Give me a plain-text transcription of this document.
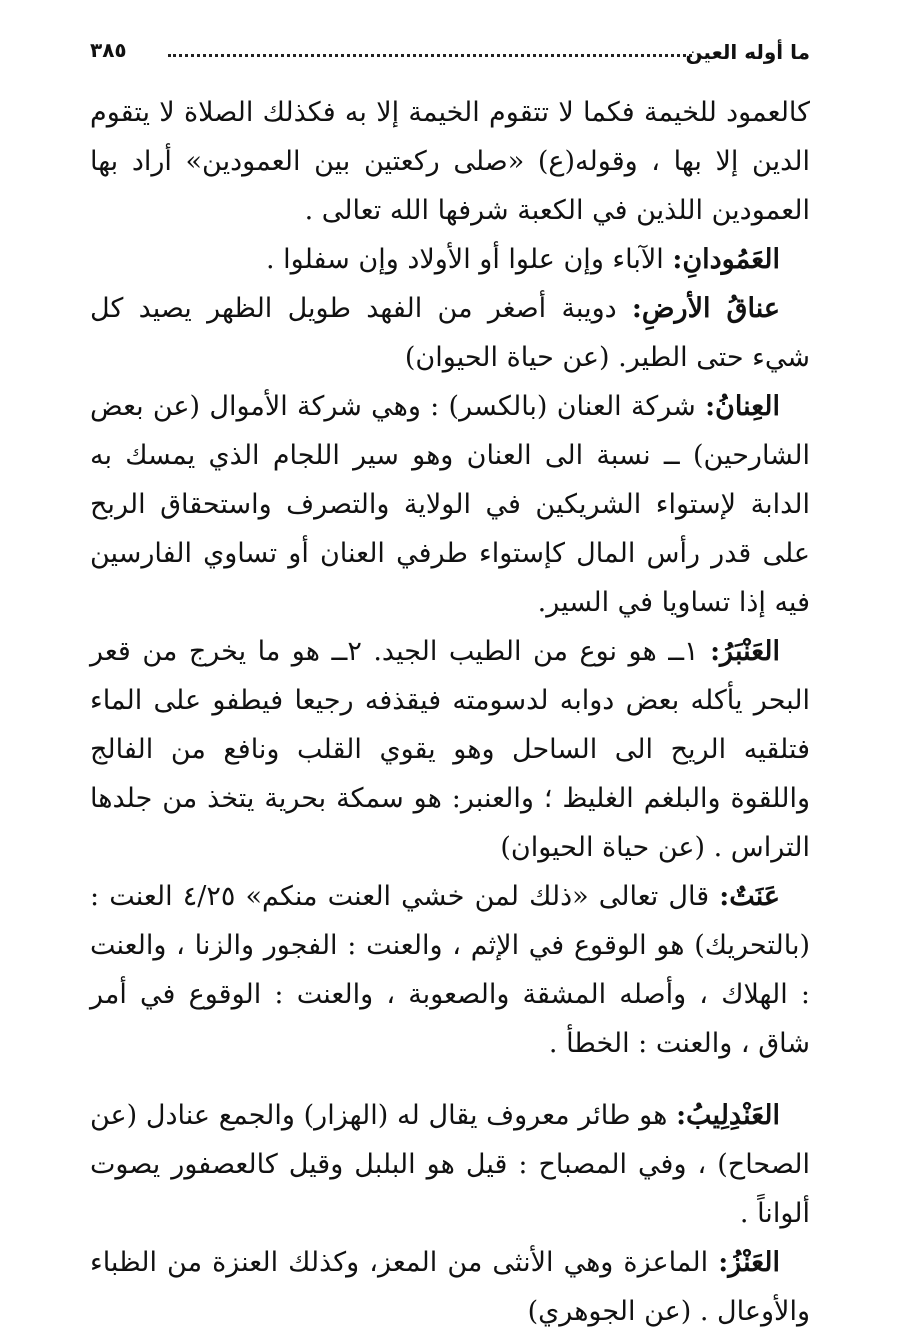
ما أوله العين
٣٨٥

كالعمود للخيمة فكما لا تتقوم الخيمة إلا به فكذلك الصلاة لا يتقوم الدين إلا بها ، وقوله(ع) «صلى ركعتين بين العمودين» أراد بها العمودين اللذين في الكعبة شرفها الله تعالى .

العَمُودانِ: الآباء وإن علوا أو الأولاد وإن سفلوا .

عناقُ الأرضِ: دويبة أصغر من الفهد طويل الظهر يصيد كل شيء حتى الطير. (عن حياة الحيوان)

العِنانُ: شركة العنان (بالكسر) : وهي شركة الأموال (عن بعض الشارحين) ــ نسبة الى العنان وهو سير اللجام الذي يمسك به الدابة لإستواء الشريكين في الولاية والتصرف واستحقاق الربح على قدر رأس المال كإستواء طرفي العنان أو تساوي الفارسين فيه إذا تساويا في السير.

العَنْبَرُ: ١ــ هو نوع من الطيب الجيد. ٢ــ هو ما يخرج من قعر البحر يأكله بعض دوابه لدسومته فيقذفه رجيعا فيطفو على الماء فتلقيه الريح الى الساحل وهو يقوي القلب ونافع من الفالج واللقوة والبلغم الغليظ ؛ والعنبر: هو سمكة بحرية يتخذ من جلدها التراس . (عن حياة الحيوان)

عَنَتٌ: قال تعالى «ذلك لمن خشي العنت منكم» ٤/٢٥ العنت : (بالتحريك) هو الوقوع في الإثم ، والعنت : الفجور والزنا ، والعنت : الهلاك ، وأصله المشقة والصعوبة ، والعنت : الوقوع في أمر شاق ، والعنت : الخطأ .

العَنْدِلِيبُ: هو طائر معروف يقال له (الهزار) والجمع عنادل (عن الصحاح) ، وفي المصباح : قيل هو البلبل وقيل كالعصفور يصوت ألواناً .

العَنْزُ: الماعزة وهي الأنثى من المعز، وكذلك العنزة من الظباء والأوعال . (عن الجوهري)
